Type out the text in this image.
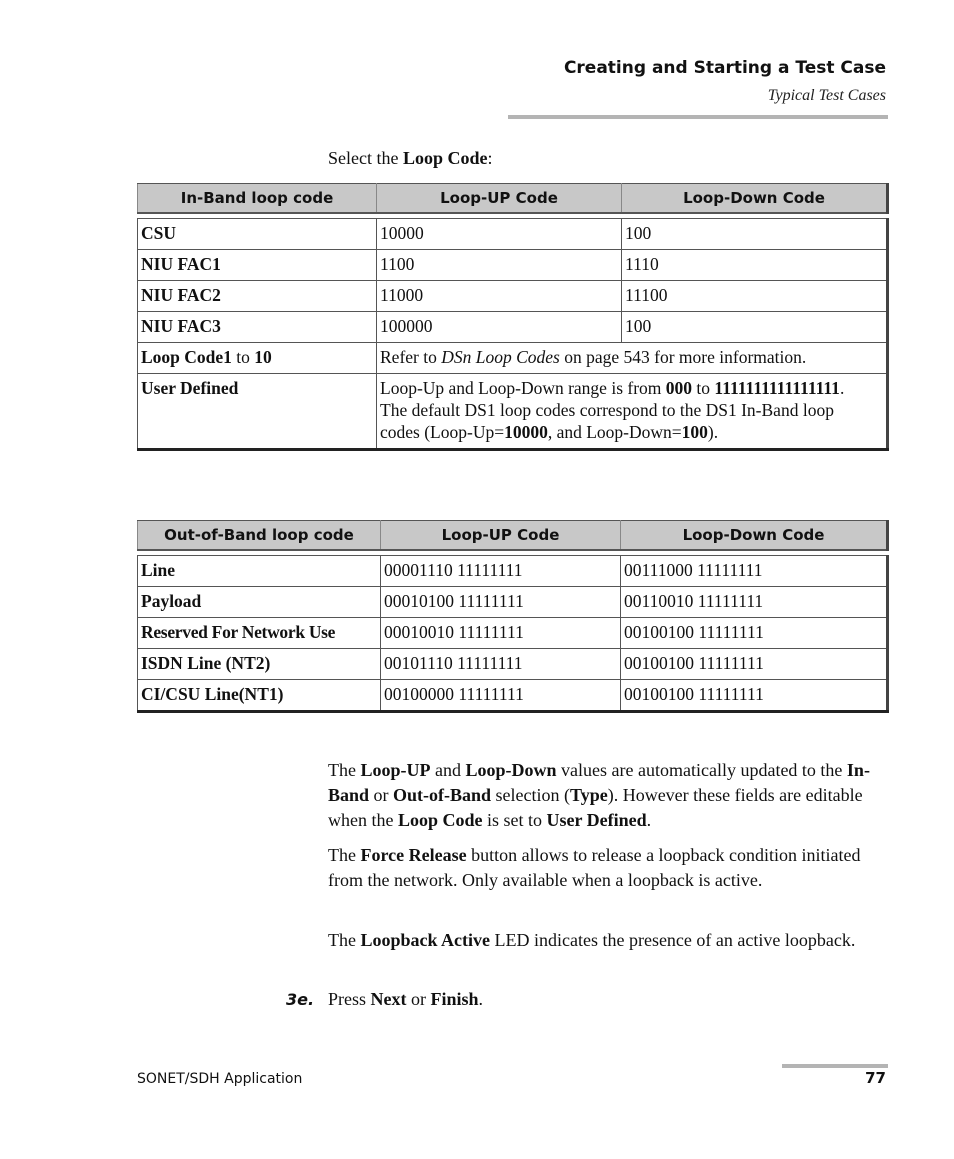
Creating and Starting a Test Case
Typical Test Cases
Select the Loop Code:
In-Band loop code	Loop-UP Code	Loop-Down Code

CSU	10000	100
NIU FAC1	1100	1110
NIU FAC2	11000	11100
NIU FAC3	100000	100
Loop Code1 to 10	Refer to DSn Loop Codes on page 543 for more information.	
User Defined	Loop-Up and Loop-Down range is from 000 to 1111111111111111. The default DS1 loop codes correspond to the DS1 In-Band loop codes (Loop-Up=10000, and Loop-Down=100).	
Out-of-Band loop code	Loop-UP Code	Loop-Down Code

Line	00001110 11111111	00111000 11111111
Payload	00010100 11111111	00110010 11111111
Reserved For Network Use	00010010 11111111	00100100 11111111
ISDN Line (NT2)	00101110 11111111	00100100 11111111
CI/CSU Line(NT1)	00100000 11111111	00100100 11111111
The Loop-UP and Loop-Down values are automatically updated to the In-Band or Out-of-Band selection (Type). However these fields are editable when the Loop Code is set to User Defined.
The Force Release button allows to release a loopback condition initiated from the network. Only available when a loopback is active.
The Loopback Active LED indicates the presence of an active loopback.
3e. Press Next or Finish.
SONET/SDH Application	77
